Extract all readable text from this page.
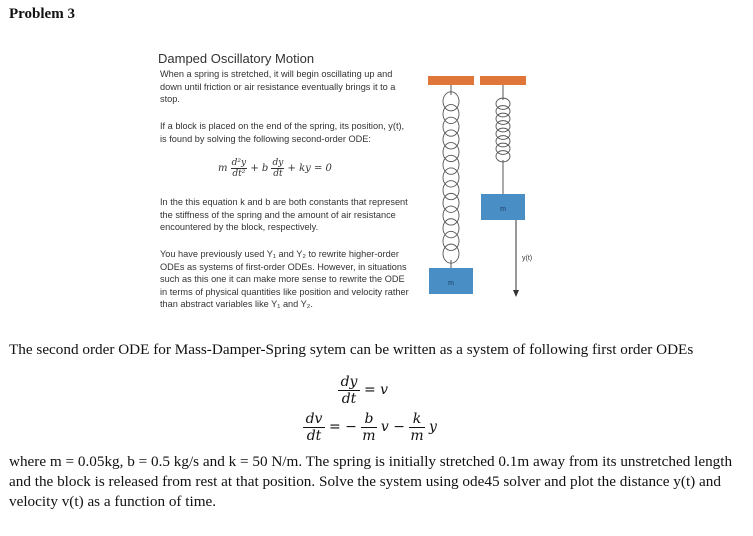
Problem 3
Damped Oscillatory Motion

When a spring is stretched, it will begin oscillating up and down until friction or air resistance eventually brings it to a stop.

If a block is placed on the end of the spring, its position, y(t), is found by solving the following second-order ODE:

m $\frac{\text{d²y}}{\text{dt²}} + b \frac{dy}{dt}$ + ky = 0

In the this equation k and b are both constants that represent the stiffness of the spring and the amount of air resistance encountered by the block, respectively.

You have previously used Y₁ and Y₂ to rewrite higher-order ODEs as systems of first-order ODEs. However, in situations such as this one it can make more sense to rewrite the ODE in terms of physical quantities like position and velocity rather than abstract variables like Y₁ and Y₂.

m
m
y(t)
The second order ODE for Mass-Damper-Spring sytem can be written as a system of following first order ODEs
$\frac{dy}{dt} = v$
$\frac{dv}{dt}$ = − $\frac{b}{m}$ $v - \frac{k}{m}$ y
where m = 0.05kg, b = 0.5 kg/s and k = 50 N/m. The spring is initially stretched 0.1m away from its unstretched length and the block is released from rest at that position. Solve the system using ode45 solver and plot the distance y(t) and velocity v(t) as a function of time.
